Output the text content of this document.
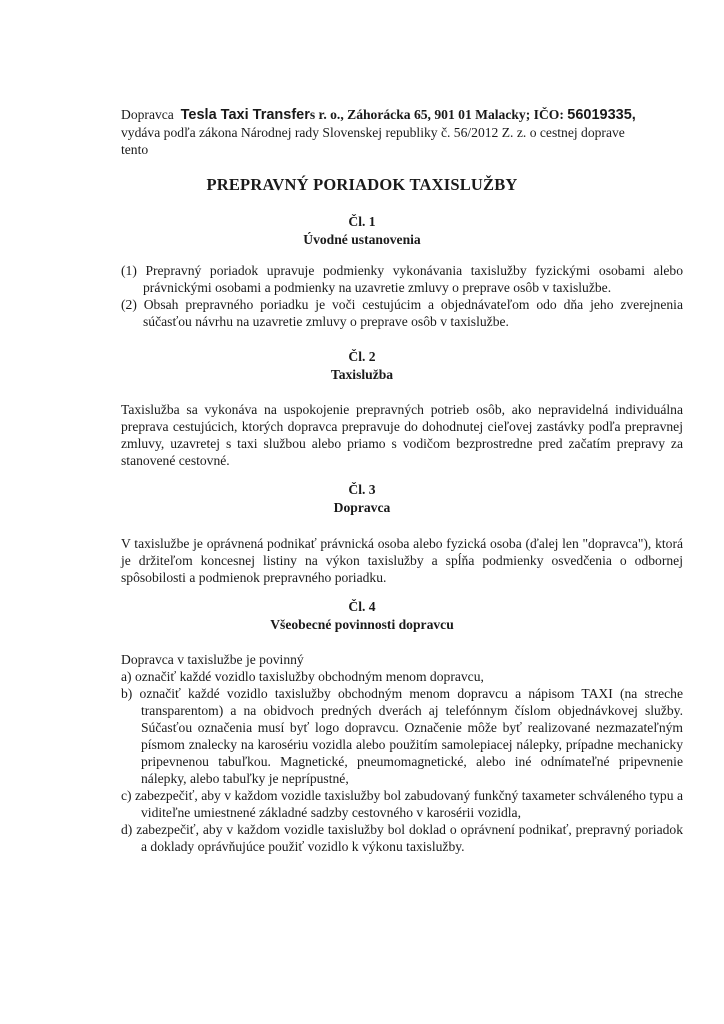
Dopravca Tesla Taxi Transfers r. o., Záhorácka 65, 901 01 Malacky; IČO: 56019335,

vydáva podľa zákona Národnej rady Slovenskej republiky č. 56/2012 Z. z. o cestnej doprave

tento

PREPRAVNÝ PORIADOK TAXISLUŽBY
Čl. 1
Úvodné ustanovenia

(1) Prepravný poriadok upravuje podmienky vykonávania taxislužby fyzickými osobami alebo právnickými osobami a podmienky na uzavretie zmluvy o preprave osôb v taxislužbe.

(2) Obsah prepravného poriadku je voči cestujúcim a objednávateľom odo dňa jeho zverejnenia súčasťou návrhu na uzavretie zmluvy o preprave osôb v taxislužbe.

Čl. 2
Taxislužba
Taxislužba sa vykonáva na uspokojenie prepravných potrieb osôb, ako nepravidelná individuálna preprava cestujúcich, ktorých dopravca prepravuje do dohodnutej cieľovej zastávky podľa prepravnej zmluvy, uzavretej s taxi službou alebo priamo s vodičom bezprostredne pred začatím prepravy za stanovené cestovné.
Čl. 3
Dopravca
V taxislužbe je oprávnená podnikať právnická osoba alebo fyzická osoba (ďalej len "dopravca"), ktorá je držiteľom koncesnej listiny na výkon taxislužby a spĺňa podmienky osvedčenia o odbornej spôsobilosti a podmienok prepravného poriadku.
Čl. 4
Všeobecné povinnosti dopravcu

Dopravca v taxislužbe je povinný

a) označiť každé vozidlo taxislužby obchodným menom dopravcu,

b) označiť každé vozidlo taxislužby obchodným menom dopravcu a nápisom TAXI (na streche transparentom) a na obidvoch predných dverách aj telefónnym číslom objednávkovej služby. Súčasťou označenia musí byť logo dopravcu. Označenie môže byť realizované nezmazateľným písmom znalecky na karosériu vozidla alebo použitím samolepiacej nálepky, prípadne mechanicky pripevnenou tabuľkou. Magnetické, pneumomagnetické, alebo iné odnímateľné pripevnenie nálepky, alebo tabuľky je neprípustné,

c) zabezpečiť, aby v každom vozidle taxislužby bol zabudovaný funkčný taxameter schváleného typu a viditeľne umiestnené základné sadzby cestovného v karosérii vozidla,

d) zabezpečiť, aby v každom vozidle taxislužby bol doklad o oprávnení podnikať, prepravný poriadok a doklady oprávňujúce použiť vozidlo k výkonu taxislužby.
